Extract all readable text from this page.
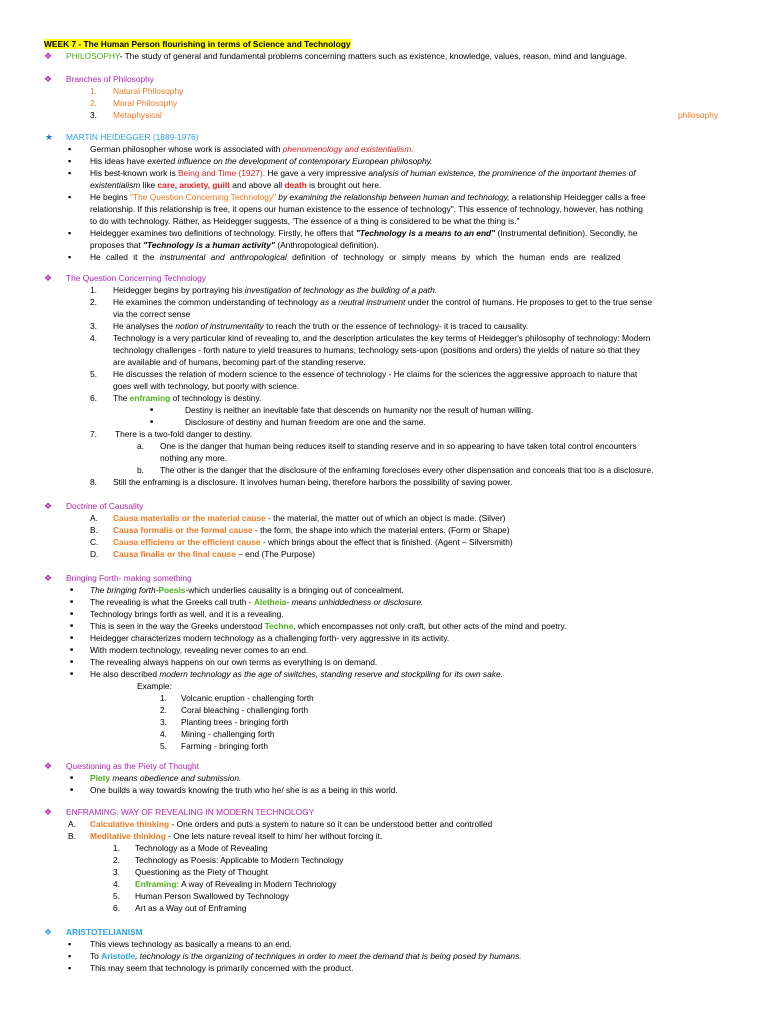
WEEK 7 - The Human Person flourishing in terms of Science and Technology
❖ PHILOSOPHY- The study of general and fundamental problems concerning matters such as existence, knowledge, values, reason, mind and language.
❖ Branches of Philosophy
1. Natural Philosophy
2. Moral Philosophy
3. Metaphysical	philosophy
★ MARTIN HEIDEGGER (1889-1976)
▪ German philosopher whose work is associated with phenomenology and existentialism.
▪ His ideas have exerted influence on the development of contemporary European philosophy.
▪ His best-known work is Being and Time (1927). He gave a very impressive analysis of human existence, the prominence of the important themes of
existentialism like care, anxiety, guilt and above all death is brought out here.
▪ He begins "The Question Concerning Technology" by examining the relationship between human and technology, a relationship Heidegger calls a free
relationship. If this relationship is free, it opens our human existence to the essence of technology". This essence of technology, however, has nothing
to do with technology. Rather, as Heidegger suggests, 'The essence of a thing is considered to be what the thing is."
▪ Heidegger examines two definitions of technology. Firstly, he offers that "Technology is a means to an end" (Instrumental definition). Secondly, he
proposes that "Technology is a human activity" (Anthropological definition).
▪ He called it the instrumental and anthropological definition of technology or simply means by which the human ends are realized
❖ The Question Concerning Technology
1. Heidegger begins by portraying his investigation of technology as the building of a path.
2. He examines the common understanding of technology as a neutral instrument under the control of humans. He proposes to get to the true sense
via the correct sense
3. He analyses the notion of instrumentality to reach the truth or the essence of technology- it is traced to causality.
4. Technology is a very particular kind of revealing to, and the description articulates the key terms of Heidegger's philosophy of technology: Modern
technology challenges - forth nature to yield treasures to humans; technology sets-upon (positions and orders) the yields of nature so that they
are available and of humans, becoming part of the standing reserve.
5. He discusses the relation of modern science to the essence of technology - He claims for the sciences the aggressive approach to nature that
goes well with technology, but poorly with science.
6. The enframing of technology is destiny.
■	Destiny is neither an inevitable fate that descends on humanity nor the result of human willing.
■	Disclosure of destiny and human freedom are one and the same.
7. There is a two-fold danger to destiny.
a. One is the danger that human being reduces itself to standing reserve and in so appearing to have taken total control encounters
nothing any more.
b. The other is the danger that the disclosure of the enframing forecloses every other dispensation and conceals that too is a disclosure.
8. Still the enframing is a disclosure. It involves human being, therefore harbors the possibility of saving power.
❖ Doctrine of Causality
A. Causa materialis or the material cause - the material, the matter out of which an object is made. (Silver)
B. Causa formalis or the formal cause - the form, the shape into which the material enters. (Form or Shape)
C. Causa efficiens or the efficient cause - which brings about the effect that is finished. (Agent – Silversmith)
D. Causa finalis or the final cause – end (The Purpose)
❖ Bringing Forth- making something
■ The bringing forth-Poesis-which underlies causality is a bringing out of concealment.
■ The revealing is what the Greeks call truth - Aletheia- means unhiddedness or disclosure.
■ Technology brings forth as well, and it is a revealing.
■ This is seen in the way the Greeks understood Techne, which encompasses not only craft, but other acts of the mind and poetry.
■ Heidegger characterizes modern technology as a challenging forth- very aggressive in its activity.
■ With modern technology, revealing never comes to an end.
■ The revealing always happens on our own terms as everything is on demand.
■ He also described modern technology as the age of switches, standing reserve and stockpiling for its own sake.
Example:
1. Volcanic eruption - challenging forth
2. Coral bleaching - challenging forth
3. Planting trees - bringing forth
4. Mining - challenging forth
5. Farming - bringing forth
❖ Questioning as the Piety of Thought
■ Piety means obedience and submission.
■ One builds a way towards knowing the truth who he/ she is as a being in this world.
❖ ENFRAMING: WAY OF REVEALING IN MODERN TECHNOLOGY
A. Calculative thinking - One orders and puts a system to nature so it can be understood better and controlled
B. Meditative thinking - One lets nature reveal itself to him/ her without forcing it.
1. Technology as a Mode of Revealing
2. Technology as Poesis: Applicable to Modern Technology
3. Questioning as the Piety of Thought
4. Enframing: A way of Revealing in Modern Technology
5. Human Person Swallowed by Technology
6. Art as a Way out of Enframing
❖ ARISTOTELIANISM
▪ This views technology as basically a means to an end.
▪ To Aristotle, technology is the organizing of techniques in order to meet the demand that is being posed by humans.
▪ This may seem that technology is primarily concerned with the product.
